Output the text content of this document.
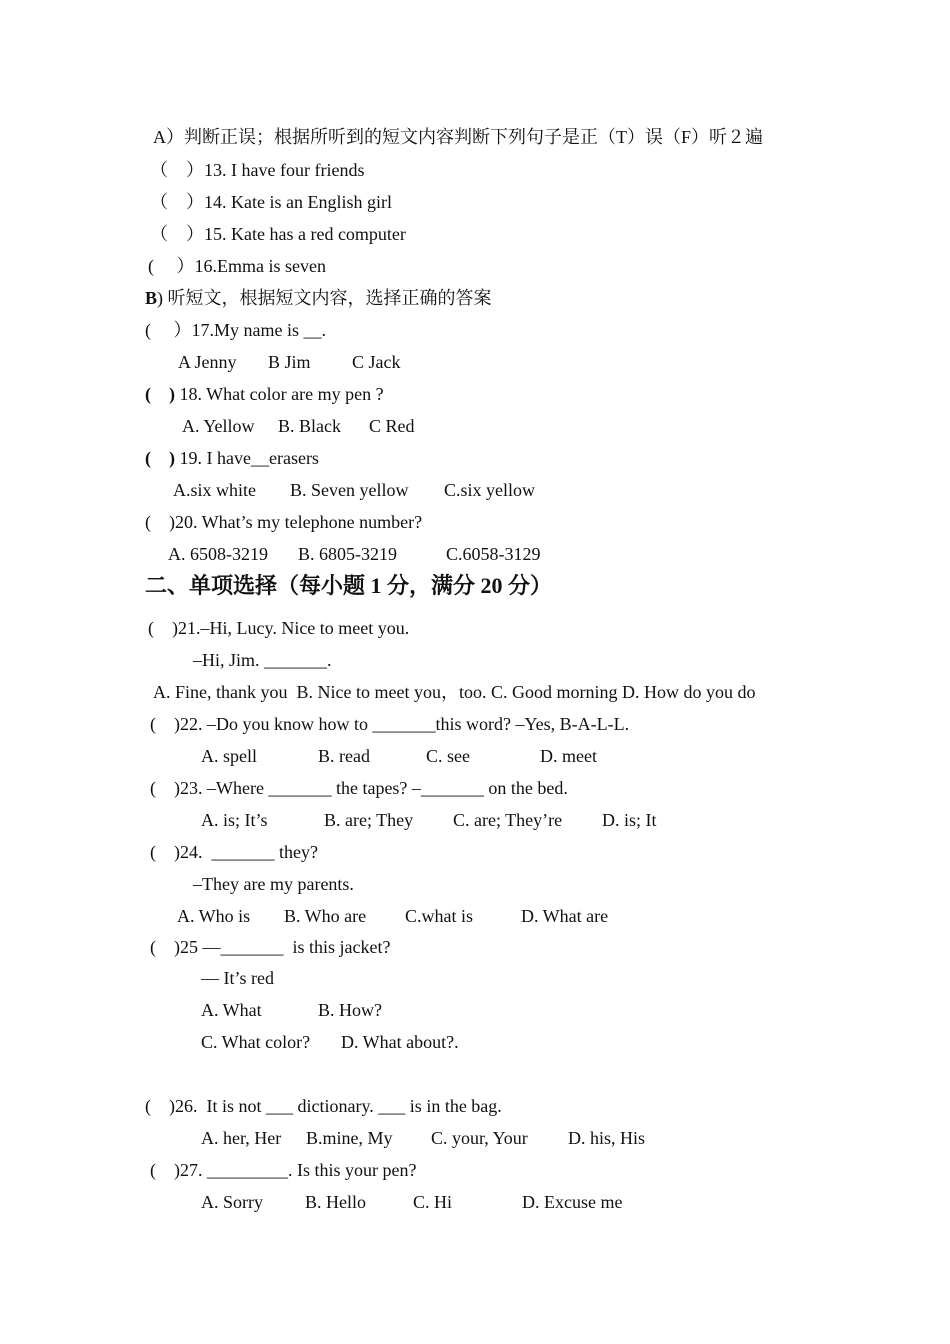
A）判断正误；根据所听到的短文内容判断下列句子是正（T）误（F）听２遍
（　）13. I have four friends
（　）14. Kate is an English girl
（　）15. Kate has a red computer
(　 ）16.Emma is seven
B) 听短文，根据短文内容，选择正确的答案
(　 ）17.My name is __.
A Jenny B Jim C Jack
(　) 18. What color are my pen ?
A. Yellow B. Black C Red
(　) 19. I have__erasers
A.six white B. Seven yellow C.six yellow
(　)20. What’s my telephone number?
A. 6508-3219 B. 6805-3219	C.6058-3129
二、单项选择（每小题 1 分，满分 20 分）
(　)21.–Hi, Lucy. Nice to meet you.
–Hi, Jim. _______.
A. Fine, thank you  B. Nice to meet you，too. C. Good morning D. How do you do
(　)22. –Do you know how to _______this word? –Yes, B-A-L-L.
A. spell	B. read	C. see	D. meet
(　)23. –Where _______ the tapes? –_______ on the bed.
A. is; It’s	B. are; They C. are; They’re D. is; It
(　)24.  _______ they?
–They are my parents.
A. Who is B. Who are C.what is	D. What are
(　)25 —_______  is this jacket?
— It’s red
A. What	B. How?
C. What color? D. What about?.
(　)26.  It is not ___ dictionary. ___ is in the bag.
A. her, Her B.mine, My C. your, Your D. his, His
(　)27. _________. Is this your pen?
A. Sorry B. Hello	C. Hi	D. Excuse me
